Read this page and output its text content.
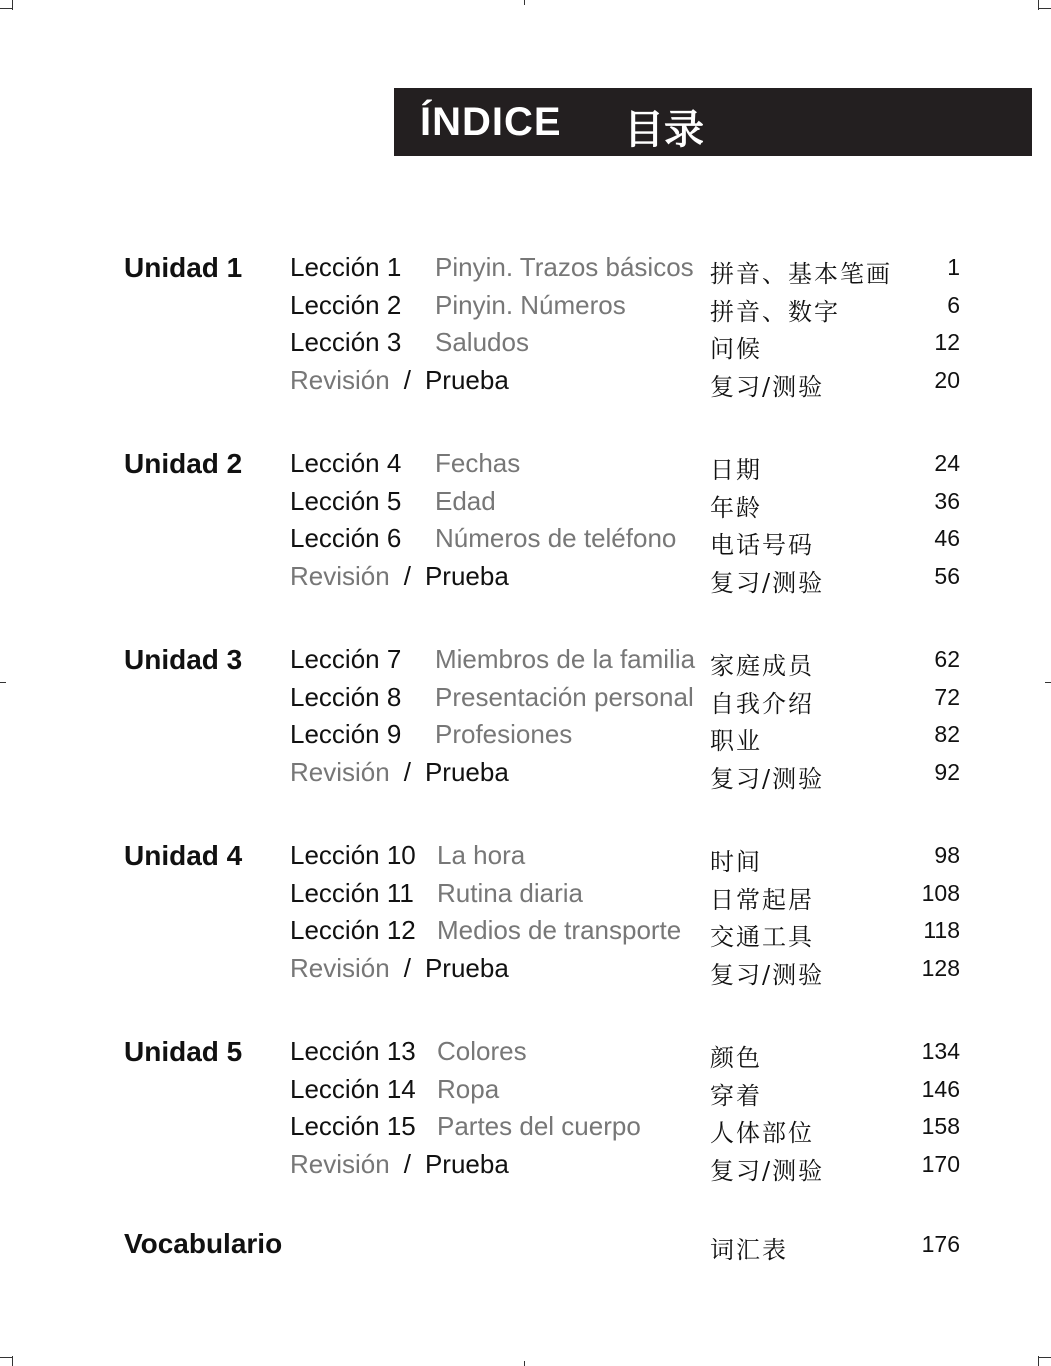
ÍNDICE 目录
Unidad 1 Lección 1 Pinyin. Trazos básicos 拼音、基本笔画	1
Lección 2 Pinyin. Números	拼音、数字	6
Lección 3 Saludos	问候	12
Revisión / Prueba	复习/测验	20
Unidad 2 Lección 4 Fechas	日期	24
Lección 5 Edad	年龄	36
Lección 6 Números de teléfono 电话号码	46
Revisión / Prueba	复习/测验	56
Unidad 3 Lección 7 Miembros de la familia 家庭成员	62
Lección 8 Presentación personal 自我介绍	72
Lección 9 Profesiones	职业	82
Revisión / Prueba	复习/测验	92
Unidad 4 Lección 10 La hora	时间	98
Lección 11 Rutina diaria	日常起居	108
Lección 12 Medios de transporte 交通工具	118
Revisión / Prueba	复习/测验	128
Unidad 5 Lección 13 Colores	颜色	134
Lección 14 Ropa	穿着	146
Lección 15 Partes del cuerpo	人体部位	158
Revisión / Prueba	复习/测验	170
Vocabulario	词汇表	176
